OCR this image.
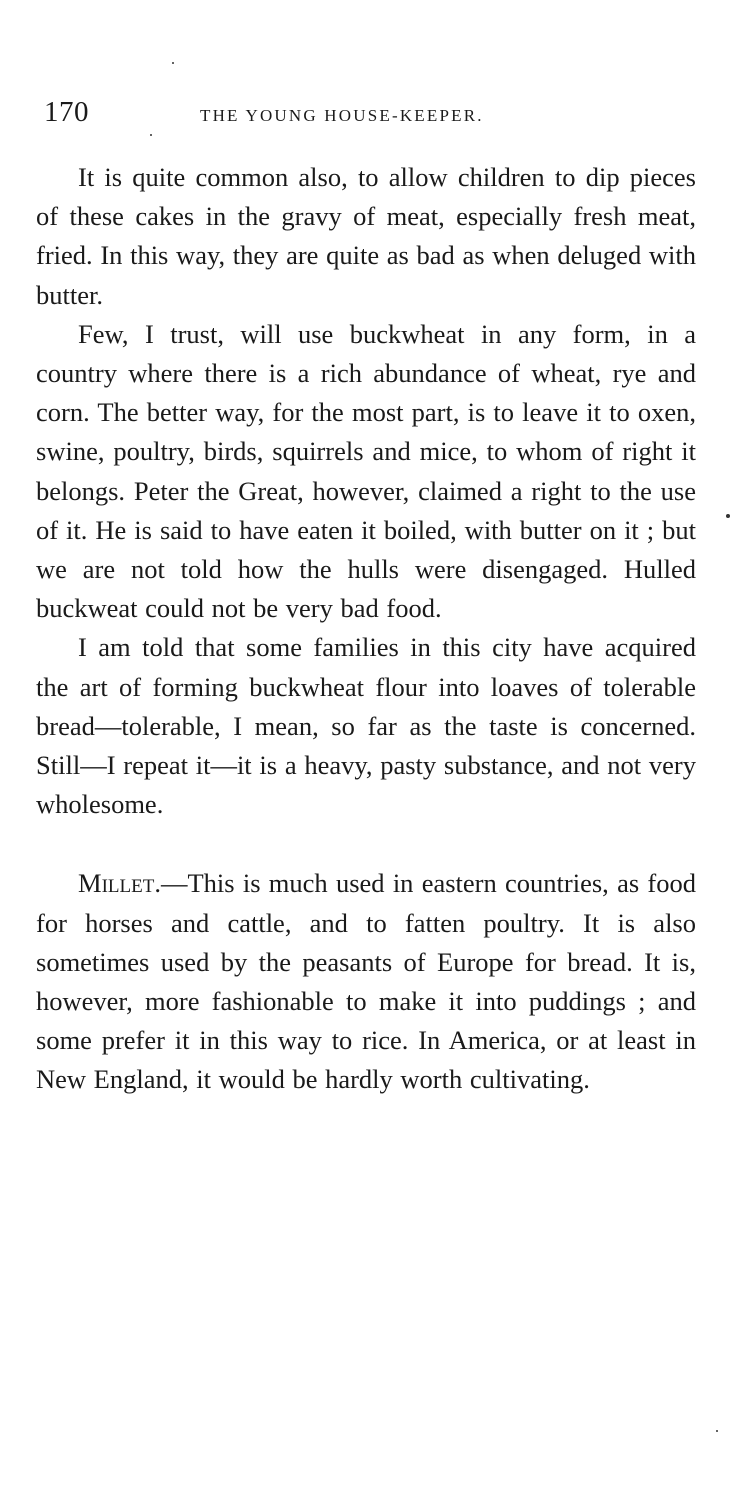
170	THE YOUNG HOUSE-KEEPER.

It is quite common also, to allow children to dip pieces of these cakes in the gravy of meat, especially fresh meat, fried. In this way, they are quite as bad as when deluged with butter.

Few, I trust, will use buckwheat in any form, in a country where there is a rich abundance of wheat, rye and corn. The better way, for the most part, is to leave it to oxen, swine, poultry, birds, squirrels and mice, to whom of right it belongs. Peter the Great, however, claimed a right to the use of it. He is said to have eaten it boiled, with butter on it ; but we are not told how the hulls were disengaged. Hulled buckweat could not be very bad food.

I am told that some families in this city have acquired the art of forming buckwheat flour into loaves of tolerable bread—tolerable, I mean, so far as the taste is concerned. Still—I repeat it—it is a heavy, pasty substance, and not very wholesome.

Millet.—This is much used in eastern countries, as food for horses and cattle, and to fatten poultry. It is also sometimes used by the peasants of Europe for bread. It is, however, more fashionable to make it into puddings ; and some prefer it in this way to rice. In America, or at least in New England, it would be hardly worth cultivating.
